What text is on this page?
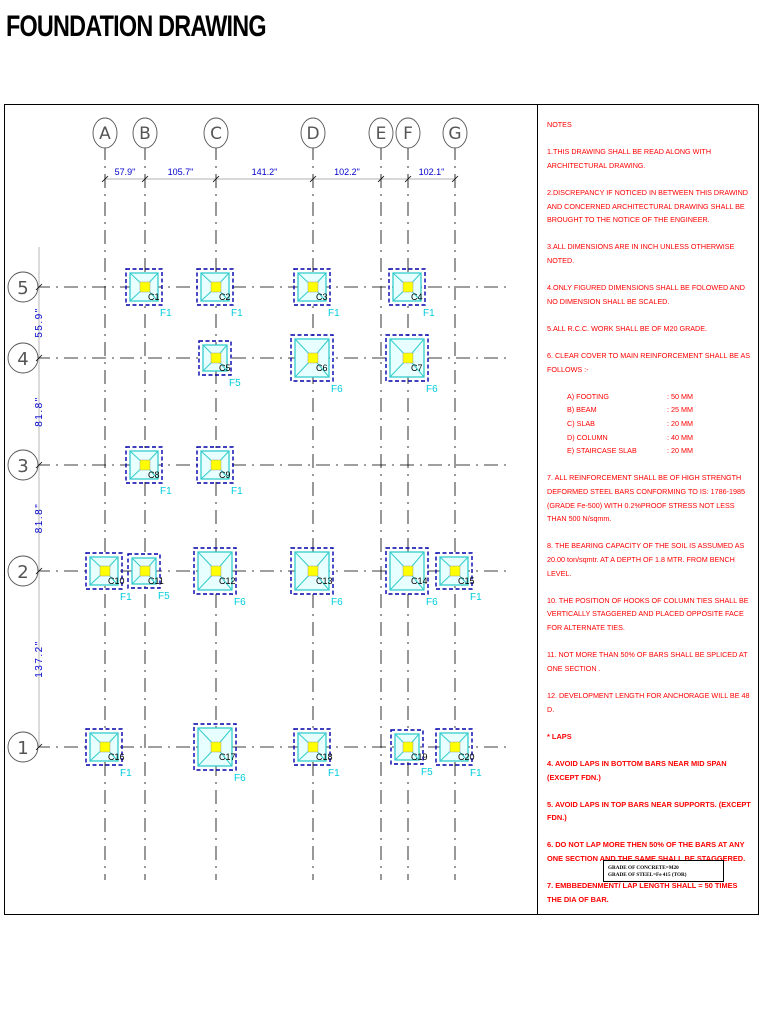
FOUNDATION DRAWING
A B	C	D	E F G
5
4
3
2
1
57.9"	105.7"	141.2"	102.2"	102.1"
55.9"
81.8"
81.8"
137.2"
C1
F1
C2
F1
C3
F1
C4
F1
C5
F5
C6
F6
C7
F6
C8
F1
C9
F1
C10
F1
C11
F5
C12
F6
C13
F6
C14
F6
C15
F1
C16
F1
C17
F6
C18
F1
C19
F5
C20
F1

NOTES

1.THIS DRAWING SHALL BE READ ALONG WITH ARCHITECTURAL DRAWING.

2.DISCREPANCY IF NOTICED IN BETWEEN THIS DRAWIND AND CONCERNED ARCHITECTURAL DRAWING SHALL BE BROUGHT TO THE NOTICE OF THE ENGINEER.

3.ALL DIMENSIONS ARE IN INCH UNLESS OTHERWISE NOTED.

4.ONLY FIGURED DIMENSIONS SHALL BE FOLOWED AND NO DIMENSION SHALL BE SCALED.

5.ALL R.C.C. WORK SHALL BE OF M20 GRADE.

6. CLEAR COVER TO MAIN REINFORCEMENT SHALL BE AS FOLLOWS :-

A) FOOTING	: 50 MM
B) BEAM	: 25 MM
C) SLAB	: 20 MM
D) COLUMN	: 40 MM
E) STAIRCASE SLAB	: 20 MM

7. ALL REINFORCEMENT SHALL BE OF HIGH STRENGTH DEFORMED STEEL BARS CONFORMING TO IS: 1786-1985 (GRADE Fe-500) WITH 0.2%PROOF STRESS NOT LESS THAN 500 N/sqmm.

8. THE BEARING CAPACITY OF THE SOIL IS ASSUMED AS 20.00 ton/sqmtr. AT A DEPTH OF 1.8 MTR. FROM BENCH LEVEL.

10. THE POSITION OF HOOKS OF COLUMN TIES SHALL BE VERTICALLY STAGGERED AND PLACED OPPOSITE FACE FOR ALTERNATE TIES.

11. NOT MORE THAN 50% OF BARS SHALL BE SPLICED AT ONE SECTION .

12. DEVELOPMENT LENGTH FOR ANCHORAGE WILL BE 48 D.

* LAPS

4. AVOID LAPS IN BOTTOM BARS NEAR MID SPAN (EXCEPT FDN.)

5. AVOID LAPS IN TOP BARS NEAR SUPPORTS. (EXCEPT FDN.)

6. DO NOT LAP MORE THEN 50% OF THE BARS AT ANY ONE SECTION AND THE SAME SHALL BE STAGGERED.

7. EMBBEDENMENT/ LAP LENGTH SHALL = 50 TIMES THE DIA OF BAR.

GRADE OF CONCRETE=M20
GRADE OF STEEL=Fe 415 (TOR)
